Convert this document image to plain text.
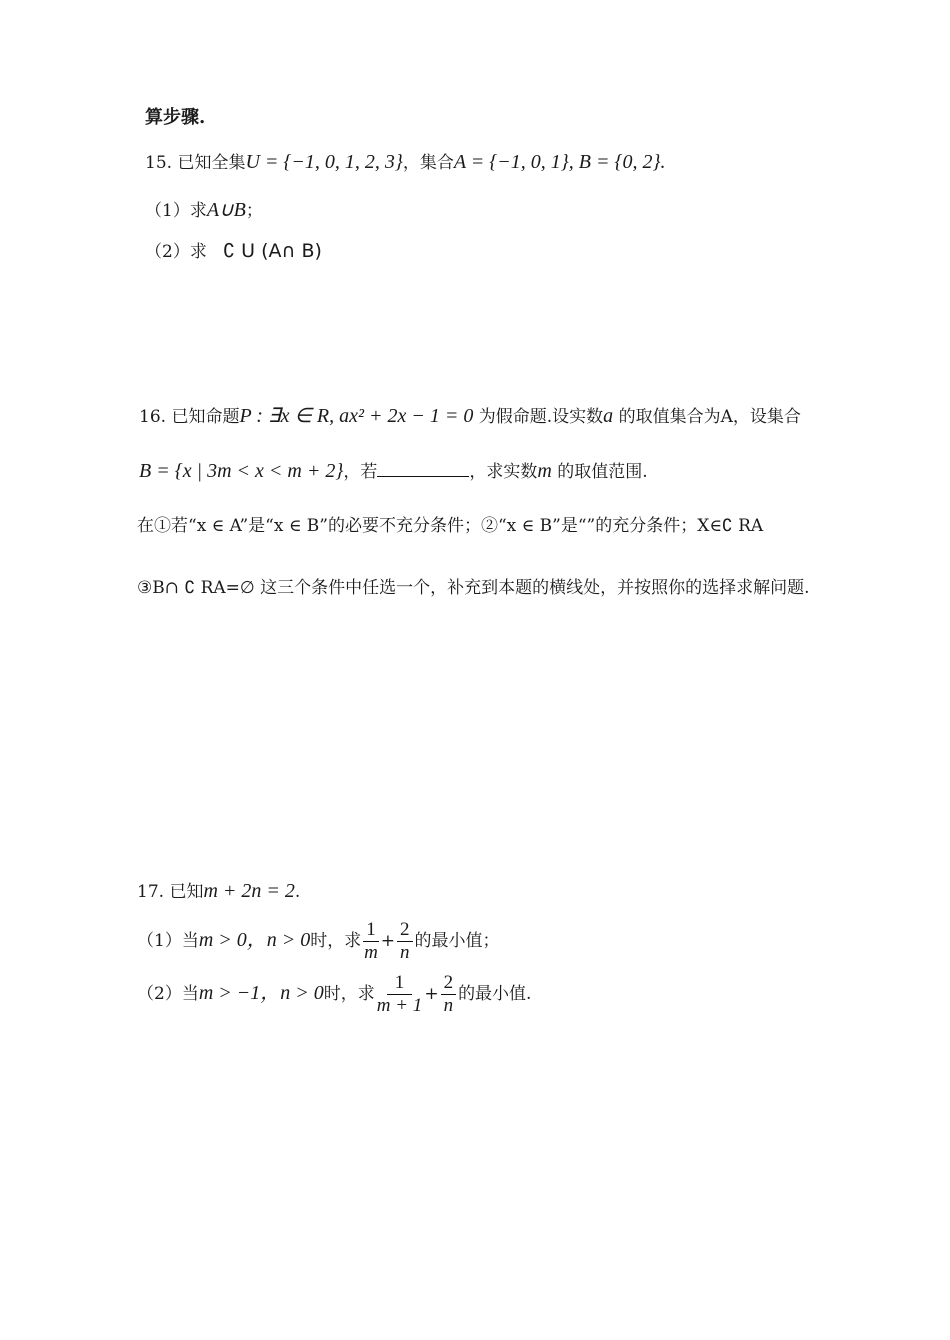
算步骤.
15. 已知全集U = {−1, 0, 1, 2, 3}，集合A = {−1, 0, 1}, B = {0, 2}.
（1）求A∪B；
（2）求 ∁ U (A∩ B)
16. 已知命题P : ∃x ∈ R, ax² + 2x − 1 = 0 为假命题.设实数a 的取值集合为A，设集合
B = {x | 3m < x < m + 2}，若	，求实数m 的取值范围.
在①若“x ∈ A”是“x ∈ B”的必要不充分条件；②“x ∈ B”是“”的充分条件；X∈∁ RA
③B∩ ∁ RA=∅ 这三个条件中任选一个，补充到本题的横线处，并按照你的选择求解问题.
17. 已知m + 2n = 2.
（1）当m > 0，n > 0时，求 $\frac{1}{m} + \frac{2}{n}$ 的最小值；
（2）当m > −1，n > 0时，求 $\frac{1}{m + 1} + \frac{2}{n}$ 的最小值.
